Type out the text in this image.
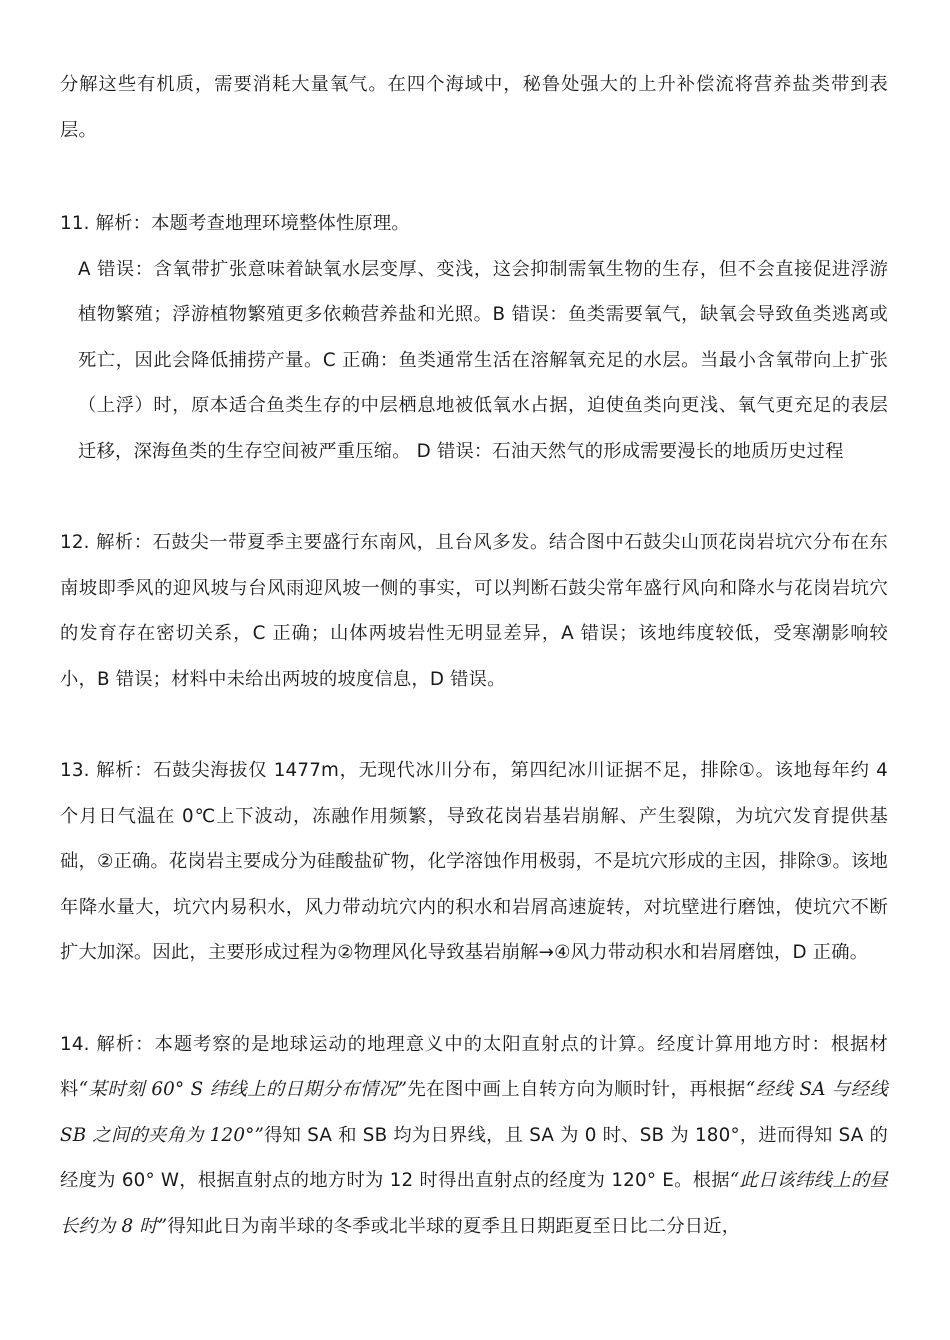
分解这些有机质，需要消耗大量氧气。在四个海域中，秘鲁处强大的上升补偿流将营养盐类带到表层。

11. 解析：本题考查地理环境整体性原理。

A 错误：含氧带扩张意味着缺氧水层变厚、变浅，这会抑制需氧生物的生存，但不会直接促进浮游植物繁殖；浮游植物繁殖更多依赖营养盐和光照。B 错误：鱼类需要氧气，缺氧会导致鱼类逃离或死亡，因此会降低捕捞产量。C 正确：鱼类通常生活在溶解氧充足的水层。当最小含氧带向上扩张（上浮）时，原本适合鱼类生存的中层栖息地被低氧水占据，迫使鱼类向更浅、氧气更充足的表层迁移，深海鱼类的生存空间被严重压缩。 D 错误：石油天然气的形成需要漫长的地质历史过程

12. 解析：石鼓尖一带夏季主要盛行东南风，且台风多发。结合图中石鼓尖山顶花岗岩坑穴分布在东南坡即季风的迎风坡与台风雨迎风坡一侧的事实，可以判断石鼓尖常年盛行风向和降水与花岗岩坑穴的发育存在密切关系，C 正确；山体两坡岩性无明显差异，A 错误；该地纬度较低，受寒潮影响较小，B 错误；材料中未给出两坡的坡度信息，D 错误。

13. 解析：石鼓尖海拔仅 1477m，无现代冰川分布，第四纪冰川证据不足，排除①。该地每年约 4 个月日气温在 0℃上下波动，冻融作用频繁，导致花岗岩基岩崩解、产生裂隙，为坑穴发育提供基础，②正确。花岗岩主要成分为硅酸盐矿物，化学溶蚀作用极弱，不是坑穴形成的主因，排除③。该地年降水量大，坑穴内易积水，风力带动坑穴内的积水和岩屑高速旋转，对坑壁进行磨蚀，使坑穴不断扩大加深。因此，主要形成过程为②物理风化导致基岩崩解→④风力带动积水和岩屑磨蚀，D 正确。

14. 解析：本题考察的是地球运动的地理意义中的太阳直射点的计算。经度计算用地方时：根据材料“某时刻 60° S 纬线上的日期分布情况”先在图中画上自转方向为顺时针，再根据“经线 SA 与经线 SB 之间的夹角为 120°”得知 SA 和 SB 均为日界线，且 SA 为 0 时、SB 为 180°，进而得知 SA 的经度为 60° W，根据直射点的地方时为 12 时得出直射点的经度为 120° E。根据“此日该纬线上的昼长约为 8 时”得知此日为南半球的冬季或北半球的夏季且日期距夏至日比二分日近，
